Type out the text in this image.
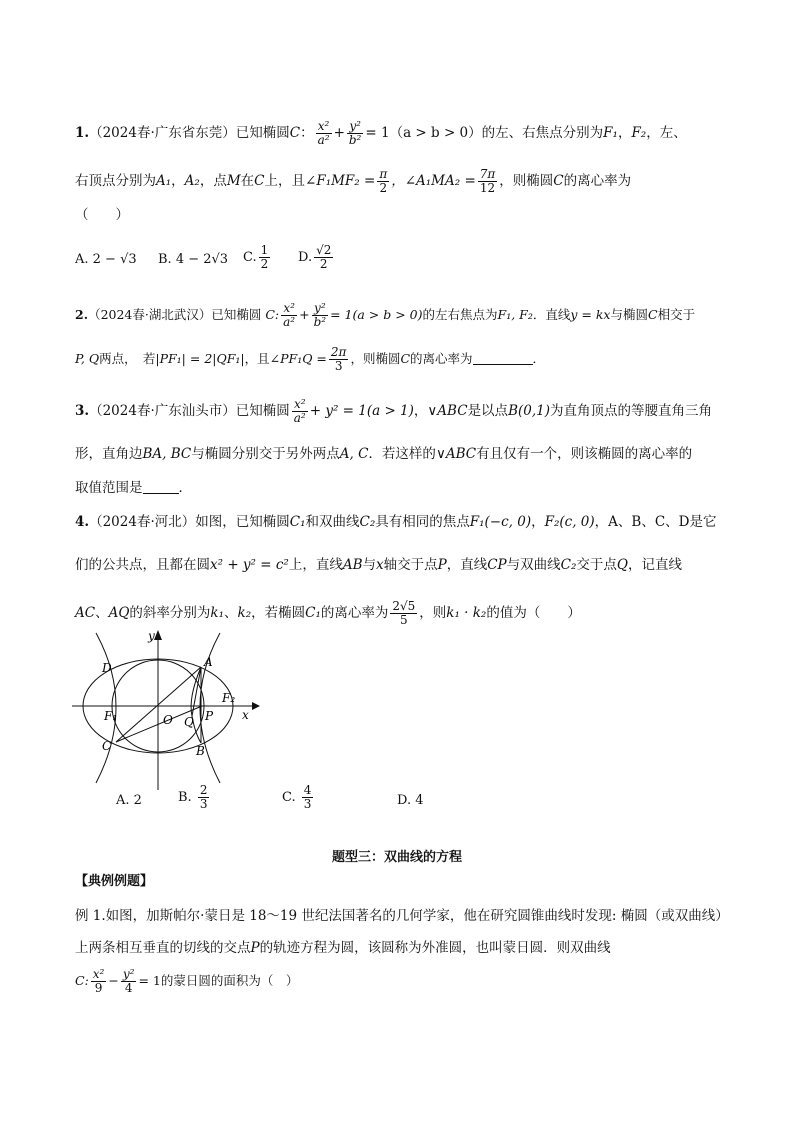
1.（2024春·广东省东莞）已知椭圆C： $\frac{\text{x²}}{\text{a²}} + \frac{\text{y²}}{\text{b²}} = 1(a > b > 0)$的左、右焦点分别为F₁，F₂，左、
右顶点分别为A₁，A₂，点M在C上，且∠F₁MF₂ = $\frac{\pi}{2}$ ，∠A₁MA₂ = $\frac{7\pi}{12}$ ，则椭圆C的离心率为
（　　）
A. 2 − √3 B. 4 − 2√3 C. $\frac{1}{2} D$. $\frac{√2}{2}$
2.（2024春·湖北武汉）已知椭圆 C: $\frac{\text{x²}}{\text{a²}} + \frac{\text{y²}}{\text{b²}} = 1(a > b > 0)$的左右焦点为F₁, F₂．直线y = kx与椭圆C相交于
P, Q两点，　 若|PF₁| = 2|QF₁|，且∠PF₁Q = $\frac{2\pi}{3}$ ，则椭圆C的离心率为	．
3.（2024春·广东汕头市）已知椭圆 $\frac{\text{x²}}{\text{a²}} + y^2 = 1(a > 1)$，∨ABC是以点B(0,1)为直角顶点的等腰直角三角
形，直角边BA, BC与椭圆分别交于另外两点A, C．若这样的∨ABC有且仅有一个，则该椭圆的离心率的
取值范围是	．
4.（2024春·河北）如图，已知椭圆C₁和双曲线C₂具有相同的焦点F₁(−c, 0)，F₂(c, 0)，A、B、C、D是它
们的公共点，且都在圆x² + y² = c²上，直线AB与x轴交于点P，直线CP与双曲线C₂交于点Q，记直线
AC、AQ的斜率分别为k₁、k₂，若椭圆C₁的离心率为 $\frac{2√5}{5}$ ，则k₁ · k₂的值为（　　）
y
x
O
A
B
C
D
F₁
F₂
P
Q
A. 2	B. $\frac{2}{3}$	C. $\frac{4}{3}$	D. 4
题型三：双曲线的方程
【典例例题】
例 1.如图，加斯帕尔·蒙日是 18～19 世纪法国著名的几何学家，他在研究圆锥曲线时发现: 椭圆（或双曲线）
上两条相互垂直的切线的交点P的轨迹方程为圆，该圆称为外准圆，也叫蒙日圆．则双曲线
C: $\frac{\text{x²}}{9} - \frac{\text{y²}}{4} = 1$的蒙日圆的面积为（　）
